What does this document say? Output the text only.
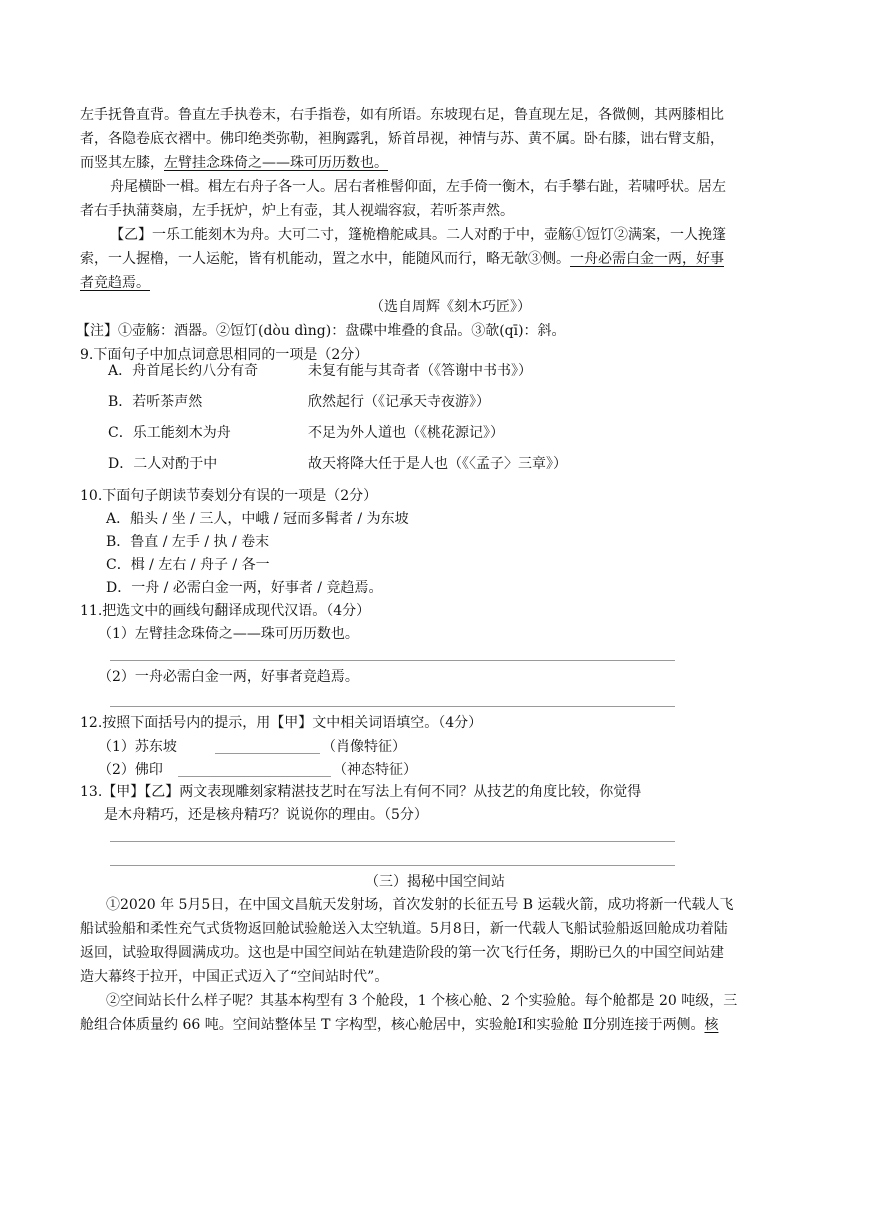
左手抚鲁直背。鲁直左手执卷末，右手指卷，如有所语。东坡现右足，鲁直现左足，各微侧，其两膝相比
者，各隐卷底衣褶中。佛印绝类弥勒，袒胸露乳，矫首昂视，神情与苏、黄不属。卧右膝，诎右臂支船，
而竖其左膝，左臂挂念珠倚之——珠可历历数也。
舟尾横卧一楫。楫左右舟子各一人。居右者椎髻仰面，左手倚一衡木，右手攀右趾，若啸呼状。居左
者右手执蒲葵扇，左手抚炉，炉上有壶，其人视端容寂，若听茶声然。
【乙】一乐工能刻木为舟。大可二寸，篷桅橹舵咸具。二人对酌于中，壶觞①饾饤②满案，一人挽篷
索，一人握橹，一人运舵，皆有机能动，置之水中，能随风而行，略无欹③侧。一舟必需白金一两，好事
者竞趋焉。
（选自周辉《刻木巧匠》）
【注】①壶觞：酒器。②饾饤(dòu dìng)：盘碟中堆叠的食品。③欹(qī)：斜。
9.下面句子中加点词意思相同的一项是（2分）
A．舟首尾长约八分有奇	未复有能与其奇者（《答谢中书书》）
B．若听茶声然	欣然起行（《记承天寺夜游》）
C．乐工能刻木为舟	不足为外人道也（《桃花源记》）
D．二人对酌于中	故天将降大任于是人也（《〈孟子〉三章》）
10.下面句子朗读节奏划分有误的一项是（2分）
A．船头 / 坐 / 三人，中峨 / 冠而多髯者 / 为东坡
B．鲁直 / 左手 / 执 / 卷末
C．楫 / 左右 / 舟子 / 各一
D．一舟 / 必需白金一两，好事者 / 竞趋焉。
11.把选文中的画线句翻译成现代汉语。（4分）
（1）左臂挂念珠倚之——珠可历历数也。
（2）一舟必需白金一两，好事者竞趋焉。
12.按照下面括号内的提示，用【甲】文中相关词语填空。（4分）
（1）苏东坡	（肖像特征）
（2）佛印	（神态特征）
13.【甲】【乙】两文表现雕刻家精湛技艺时在写法上有何不同？从技艺的角度比较，你觉得
是木舟精巧，还是核舟精巧？说说你的理由。（5分）
（三）揭秘中国空间站
①2020 年 5月5日，在中国文昌航天发射场，首次发射的长征五号 B 运载火箭，成功将新一代载人飞
船试验船和柔性充气式货物返回舱试验舱送入太空轨道。5月8日，新一代载人飞船试验船返回舱成功着陆
返回，试验取得圆满成功。这也是中国空间站在轨建造阶段的第一次飞行任务，期盼已久的中国空间站建
造大幕终于拉开，中国正式迈入了“空间站时代”。
②空间站长什么样子呢？其基本构型有 3 个舱段，1 个核心舱、2 个实验舱。每个舱都是 20 吨级，三
舱组合体质量约 66 吨。空间站整体呈 T 字构型，核心舱居中，实验舱Ⅰ和实验舱 Ⅱ分别连接于两侧。核
